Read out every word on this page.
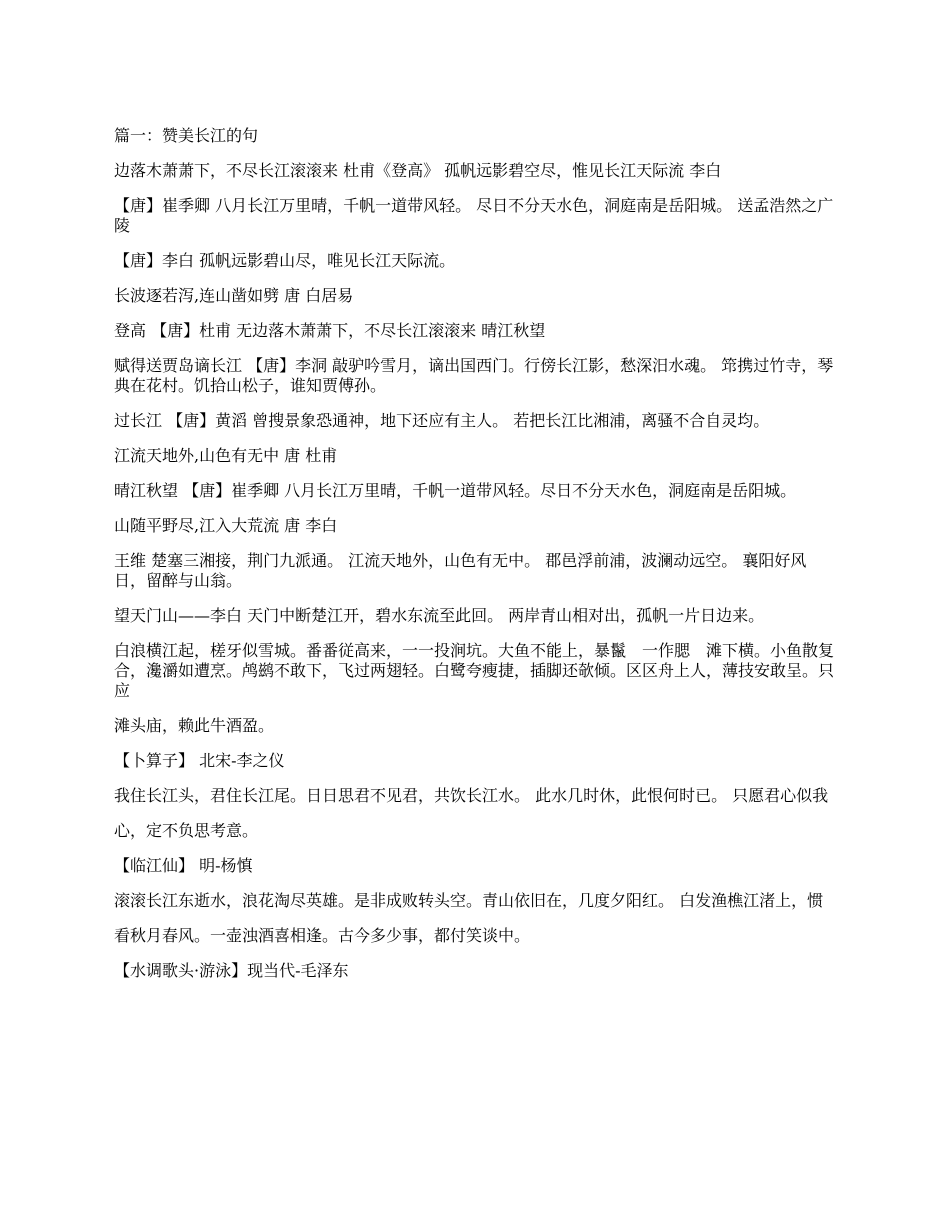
篇一：赞美长江的句

边落木萧萧下，不尽长江滚滚来 杜甫《登高》 孤帆远影碧空尽，惟见长江天际流 李白

【唐】崔季卿 八月长江万里晴，千帆一道带风轻。 尽日不分天水色，洞庭南是岳阳城。 送孟浩然之广陵

【唐】李白 孤帆远影碧山尽，唯见长江天际流。

长波逐若泻,连山凿如劈 唐 白居易

登高 【唐】杜甫 无边落木萧萧下，不尽长江滚滚来 晴江秋望

赋得送贾岛谪长江 【唐】李洞 敲驴吟雪月，谪出国西门。行傍长江影，愁深汨水魂。 筇携过竹寺，琴典在花村。饥拾山松子，谁知贾傅孙。

过长江 【唐】黄滔 曾搜景象恐通神，地下还应有主人。 若把长江比湘浦，离骚不合自灵均。

江流天地外,山色有无中 唐 杜甫

晴江秋望 【唐】崔季卿 八月长江万里晴，千帆一道带风轻。尽日不分天水色，洞庭南是岳阳城。

山随平野尽,江入大荒流 唐 李白

王维 楚塞三湘接，荆门九派通。 江流天地外，山色有无中。 郡邑浮前浦，波澜动远空。 襄阳好风日，留醉与山翁。

望天门山——李白 天门中断楚江开，碧水东流至此回。 两岸青山相对出，孤帆一片日边来。

白浪横江起，槎牙似雪城。番番従高来，一一投涧坑。大鱼不能上，暴鬣　一作腮　滩下横。小鱼散复合，瀺灂如遭烹。鸬鹚不敢下，飞过两翅轻。白鹭夸瘦捷，插脚还欹倾。区区舟上人，薄技安敢呈。只应

滩头庙，赖此牛酒盈。

【卜算子】 北宋-李之仪

我住长江头，君住长江尾。日日思君不见君，共饮长江水。 此水几时休，此恨何时已。 只愿君心似我

心，定不负思考意。

【临江仙】 明-杨慎

滚滚长江东逝水，浪花淘尽英雄。是非成败转头空。青山依旧在，几度夕阳红。 白发渔樵江渚上，惯

看秋月春风。一壶浊酒喜相逢。古今多少事，都付笑谈中。

【水调歌头·游泳】现当代-毛泽东
